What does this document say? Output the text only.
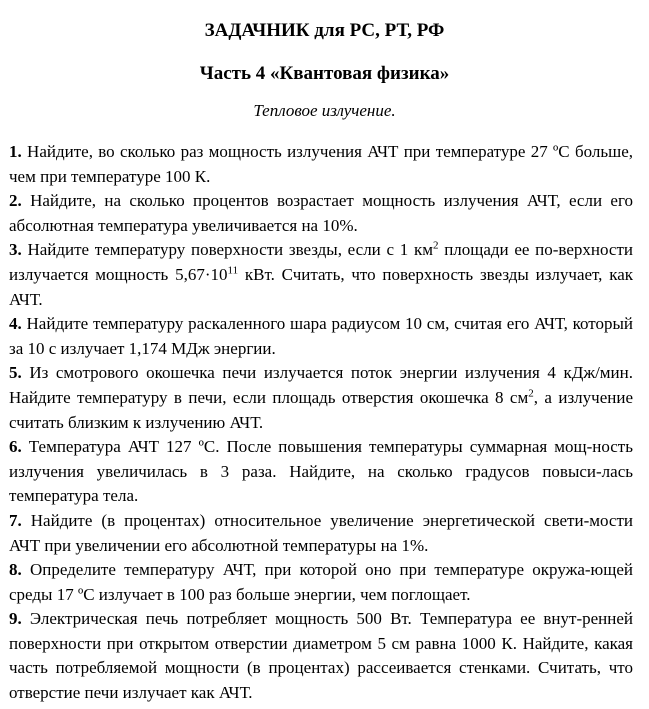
ЗАДАЧНИК для РС, РТ, РФ
Часть 4 «Квантовая физика»
Тепловое излучение.

1. Найдите, во сколько раз мощность излучения АЧТ при температуре 27 ºС больше, чем при температуре 100 К.

2. Найдите, на сколько процентов возрастает мощность излучения АЧТ, если его абсолютная температура увеличивается на 10%.

3. Найдите температуру поверхности звезды, если с 1 $км^2$ площади ее по-верхности излучается мощность $5,67\cdot 10^{11}$ кВт. Считать, что поверхность звезды излучает, как АЧТ.

4. Найдите температуру раскаленного шара радиусом 10 см, считая его АЧТ, который за 10 с излучает 1,174 МДж энергии.

5. Из смотрового окошечка печи излучается поток энергии излучения 4 кДж/мин. Найдите температуру в печи, если площадь отверстия окошечка 8 $см^2$, а излучение считать близким к излучению АЧТ.

6. Температура АЧТ 127 ºС. После повышения температуры суммарная мощ-ность излучения увеличилась в 3 раза. Найдите, на сколько градусов повыси-лась температура тела.

7. Найдите (в процентах) относительное увеличение энергетической свети-мости АЧТ при увеличении его абсолютной температуры на 1%.

8. Определите температуру АЧТ, при которой оно при температуре окружа-ющей среды 17 ºС излучает в 100 раз больше энергии, чем поглощает.

9. Электрическая печь потребляет мощность 500 Вт. Температура ее внут-ренней поверхности при открытом отверстии диаметром 5 см равна 1000 К. Найдите, какая часть потребляемой мощности (в процентах) рассеивается стенками. Считать, что отверстие печи излучает как АЧТ.
